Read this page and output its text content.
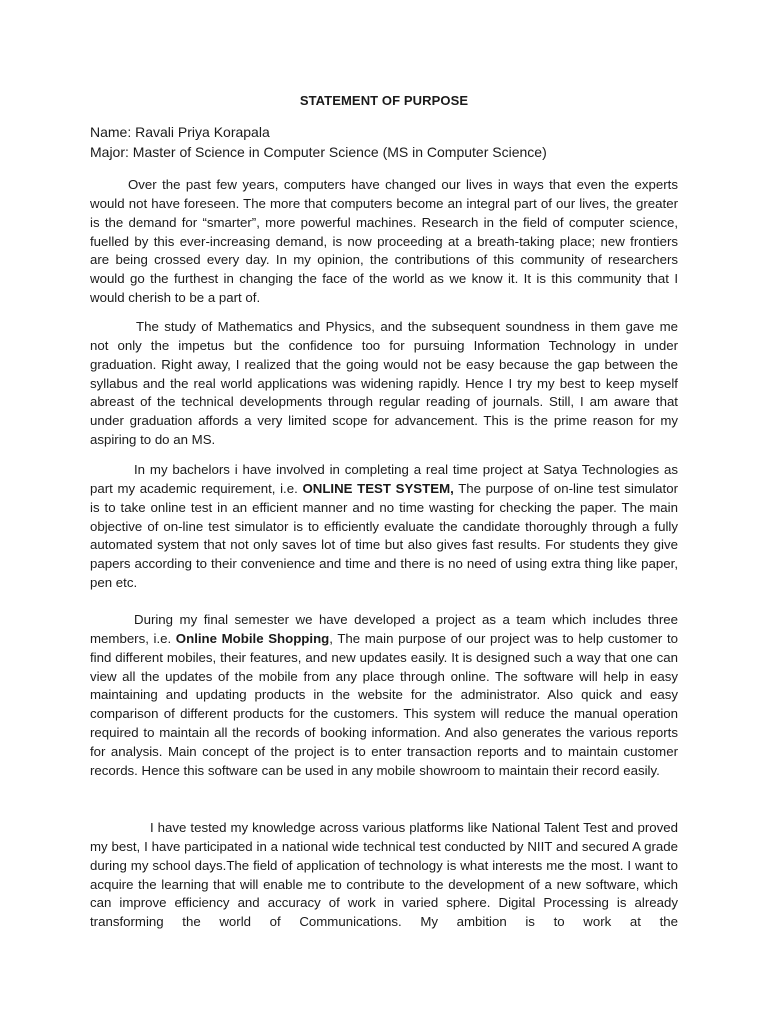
STATEMENT OF PURPOSE
Name: Ravali Priya Korapala
Major: Master of Science in Computer Science (MS in Computer Science)

Over the past few years, computers have changed our lives in ways that even the experts would not have foreseen. The more that computers become an integral part of our lives, the greater is the demand for “smarter”, more powerful machines. Research in the field of computer science, fuelled by this ever-increasing demand, is now proceeding at a breath-taking place; new frontiers are being crossed every day. In my opinion, the contributions of this community of researchers would go the furthest in changing the face of the world as we know it. It is this community that I would cherish to be a part of.

The study of Mathematics and Physics, and the subsequent soundness in them gave me not only the impetus but the confidence too for pursuing Information Technology in under graduation. Right away, I realized that the going would not be easy because the gap between the syllabus and the real world applications was widening rapidly. Hence I try my best to keep myself abreast of the technical developments through regular reading of journals. Still, I am aware that under graduation affords a very limited scope for advancement. This is the prime reason for my aspiring to do an MS.

In my bachelors i have involved in completing a real time project at Satya Technologies as part my academic requirement, i.e. ONLINE TEST SYSTEM, The purpose of on-line test simulator is to take online test in an efficient manner and no time wasting for checking the paper. The main objective of on-line test simulator is to efficiently evaluate the candidate thoroughly through a fully automated system that not only saves lot of time but also gives fast results. For students they give papers according to their convenience and time and there is no need of using extra thing like paper, pen etc.

During my final semester we have developed a project as a team which includes three members, i.e. Online Mobile Shopping, The main purpose of our project was to help customer to find different mobiles, their features, and new updates easily. It is designed such a way that one can view all the updates of the mobile from any place through online. The software will help in easy maintaining and updating products in the website for the administrator. Also quick and easy comparison of different products for the customers. This system will reduce the manual operation required to maintain all the records of booking information. And also generates the various reports for analysis. Main concept of the project is to enter transaction reports and to maintain customer records. Hence this software can be used in any mobile showroom to maintain their record easily.

I have tested my knowledge across various platforms like National Talent Test and proved my best, I have participated in a national wide technical test conducted by NIIT and secured A grade during my school days.The field of application of technology is what interests me the most. I want to acquire the learning that will enable me to contribute to the development of a new software, which can improve efficiency and accuracy of work in varied sphere. Digital Processing is already transforming the world of Communications. My ambition is to work at the
